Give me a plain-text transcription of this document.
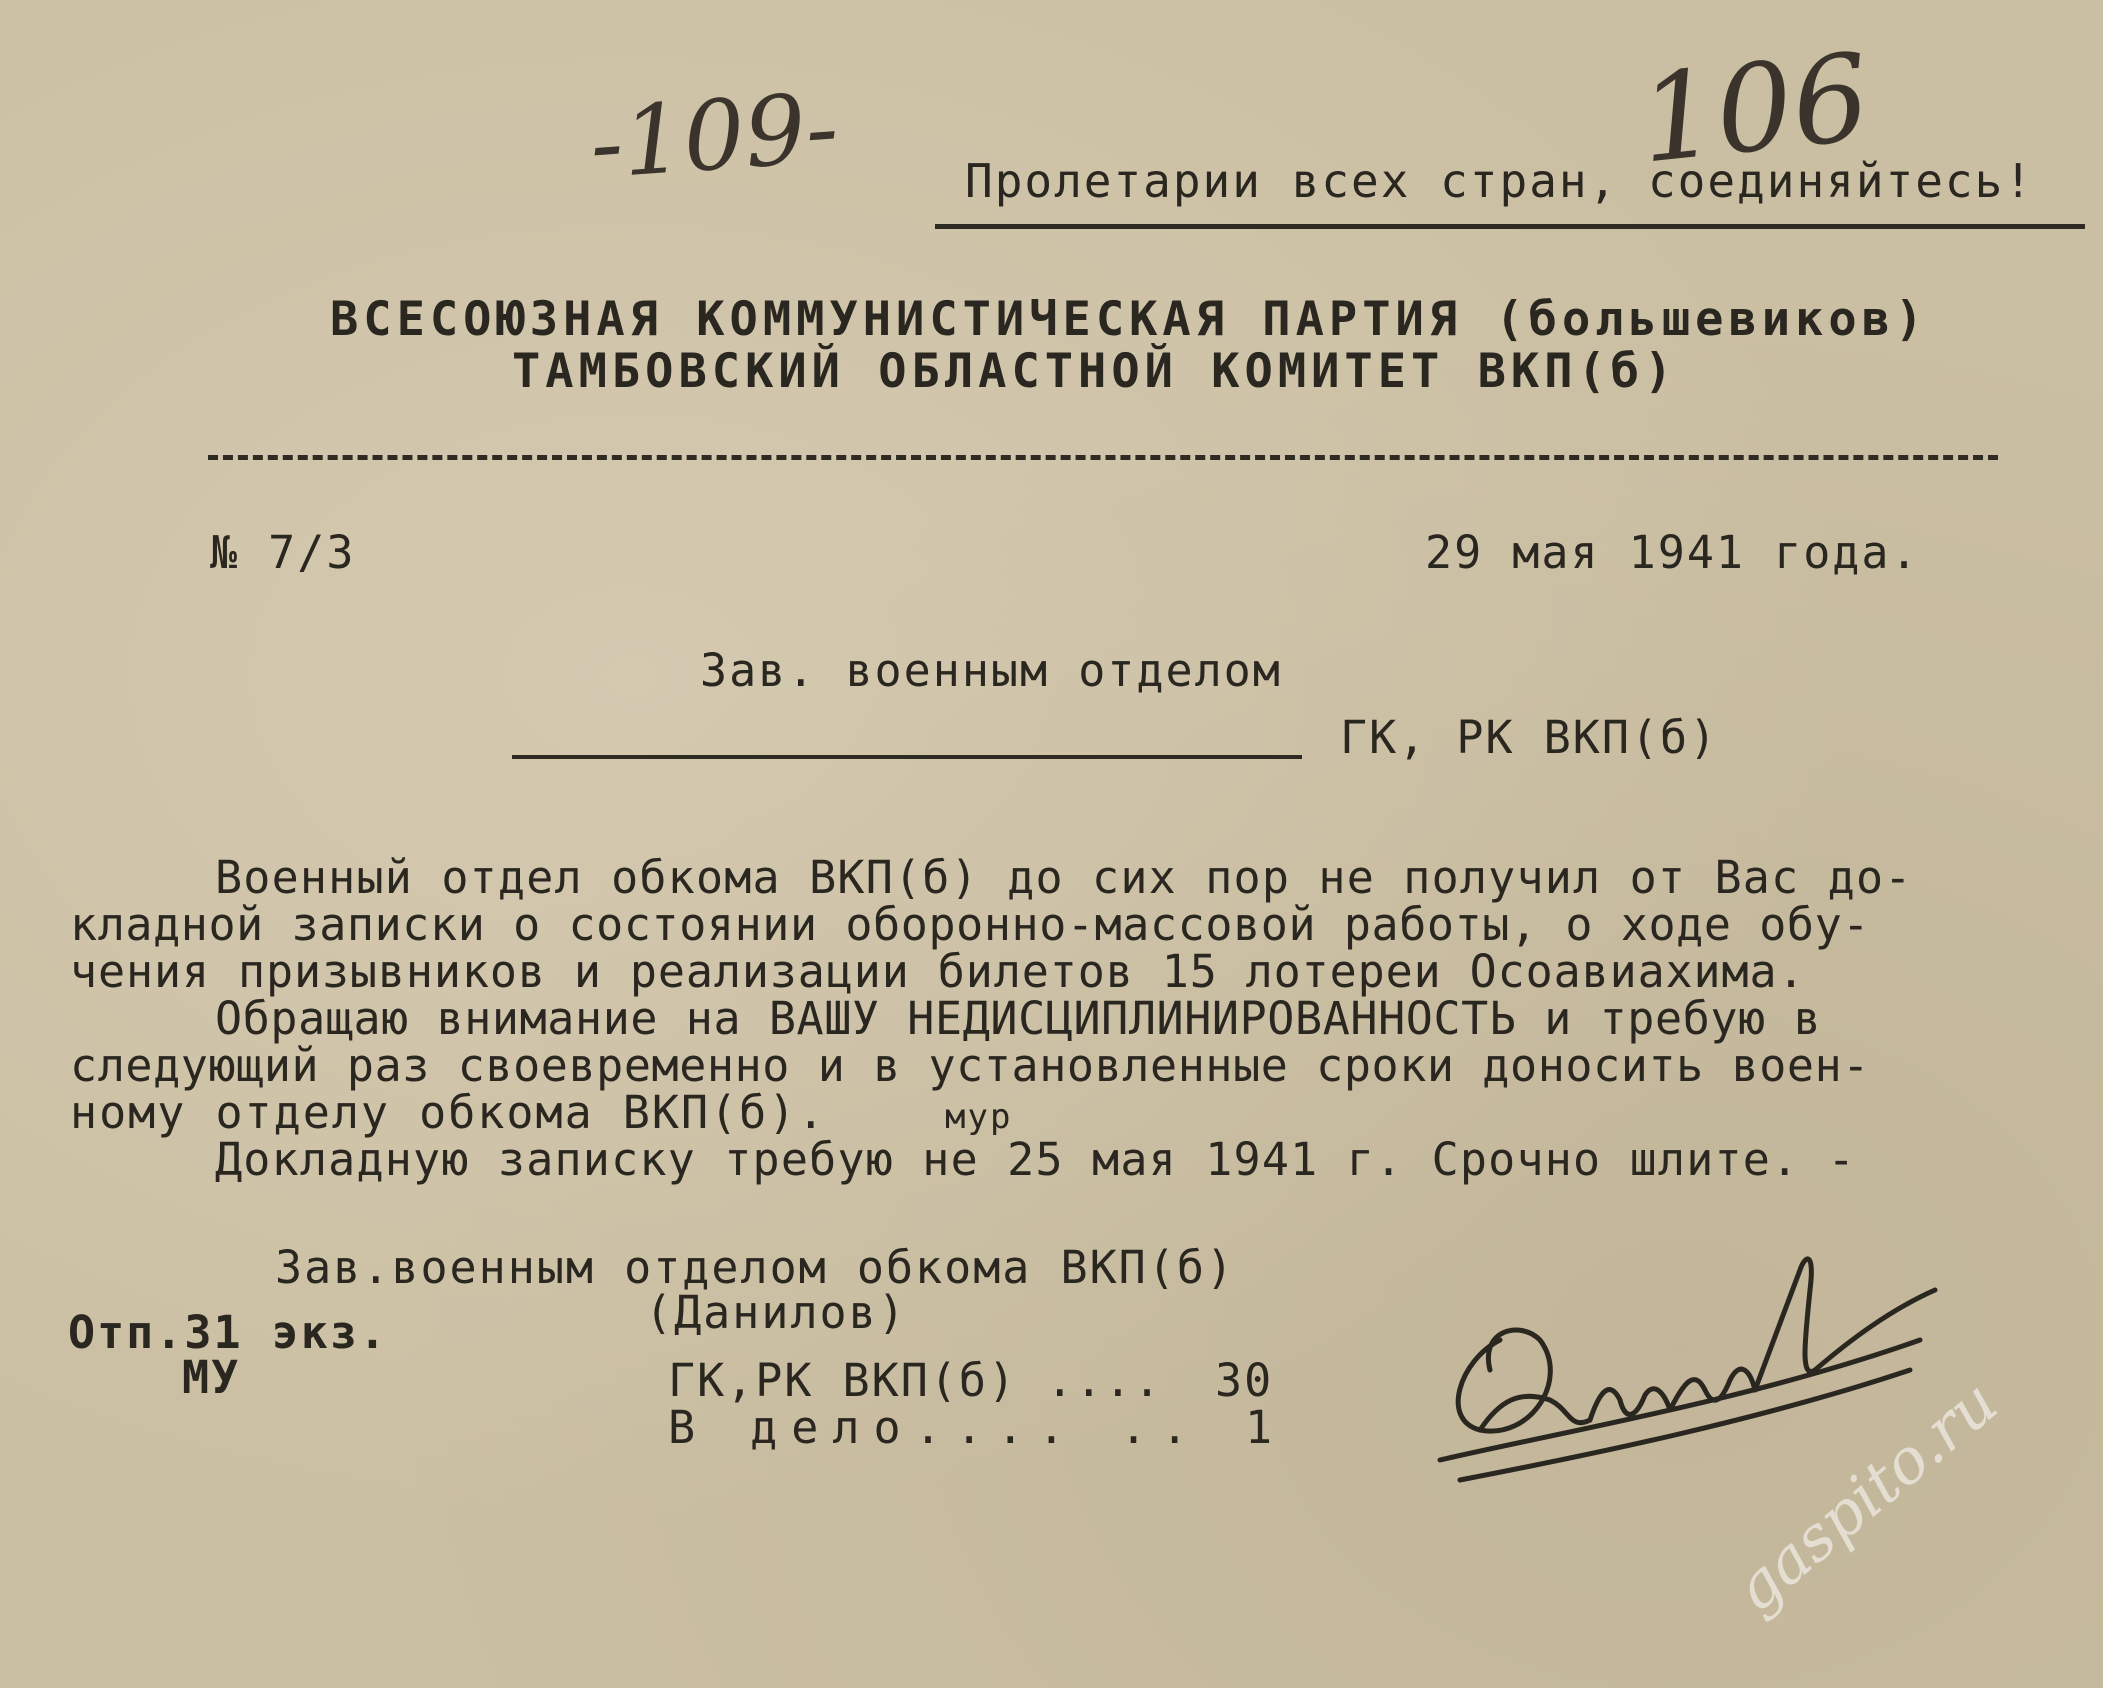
-109-	106
Пролетарии всех стран, соединяйтесь!
ВСЕСОЮЗНАЯ КОММУНИСТИЧЕСКАЯ ПАРТИЯ (большевиков)
ТАМБОВСКИЙ ОБЛАСТНОЙ КОМИТЕТ ВКП(б)
№ 7/3	29 мая 1941 года.
Зав. военным отделом
ГК, РК ВКП(б)
Военный отдел обкома ВКП(б) до сих пор не получил от Вас до-
кладной записки о состоянии оборонно-массовой работы, о ходе обу-
чения призывников и реализации билетов 15 лотереи Осоавиахима.
Обращаю внимание на ВАШУ НЕДИСЦИПЛИНИРОВАННОСТЬ и требую в
следующий раз своевременно и в установленные сроки доносить воен-
ному отделу обкома ВКП(б).	мур
Докладную записку требую не 25 мая 1941 г. Срочно шлите. -
Зав.военным отделом обкома ВКП(б)
(Данилов)
Отп.31 экз.
МУ	ГК,РК ВКП(б) .... 30
В дело.... .. 1	gaspito.ru
